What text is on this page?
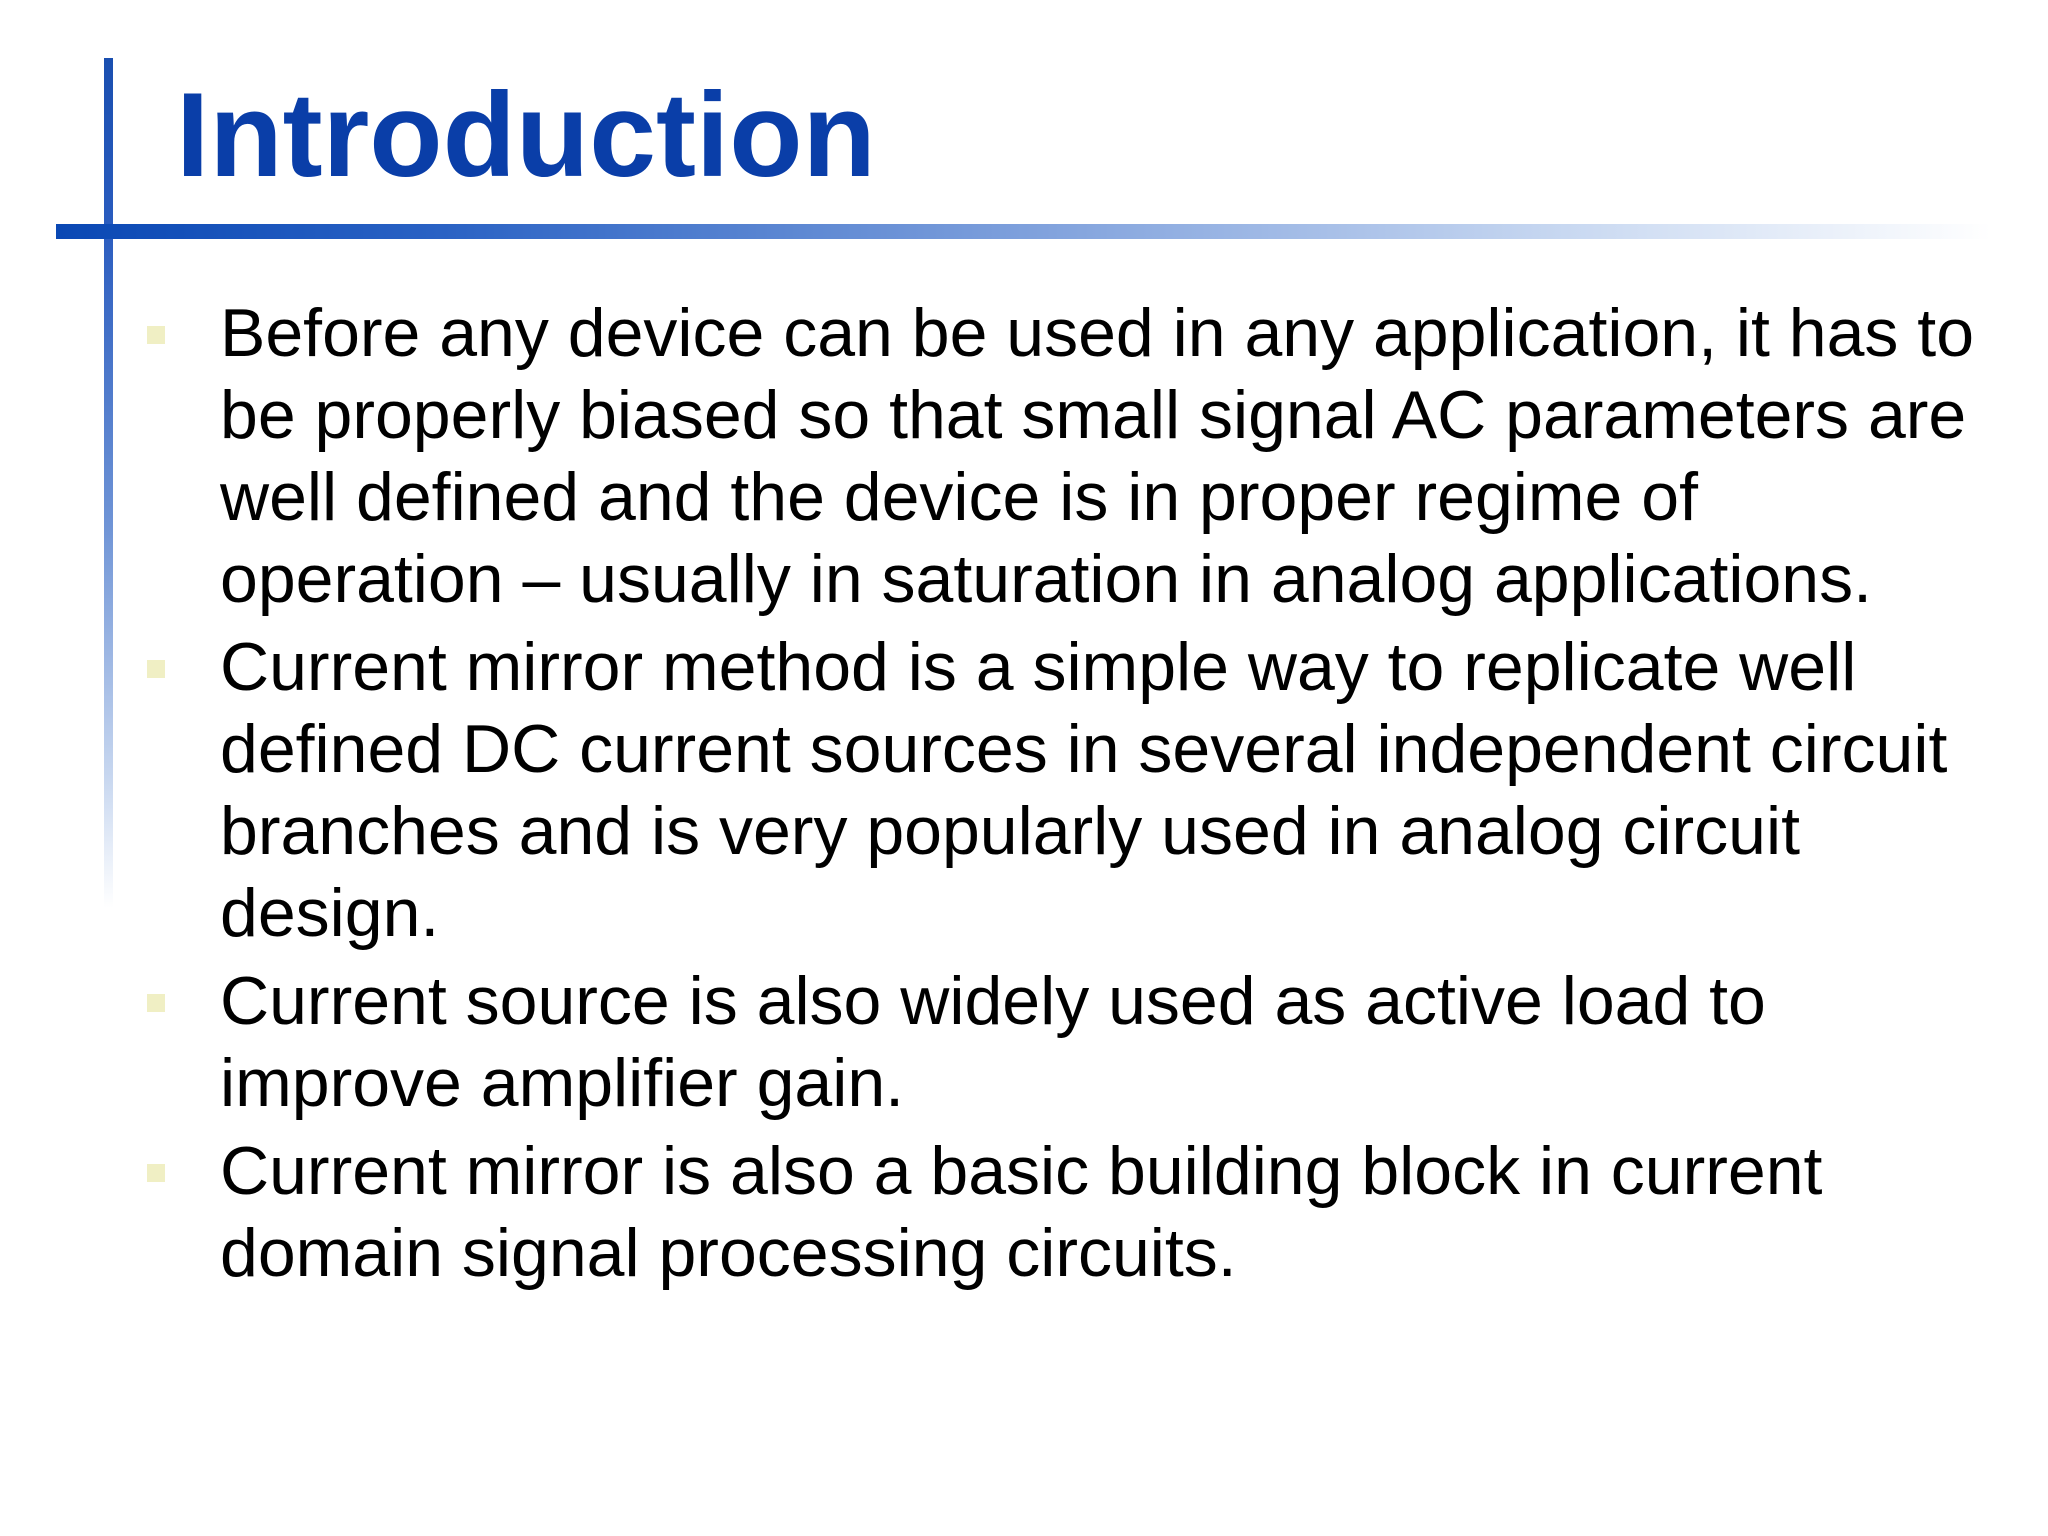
Introduction
Before any device can be used in any application, it has to be properly biased so that small signal AC parameters are well defined and the device is in proper regime of operation – usually in saturation in analog applications.
Current mirror method is a simple way to replicate well defined DC current sources in several independent circuit branches and is very popularly used in analog circuit design.
Current source is also widely used as active load to improve amplifier gain.
Current mirror is also a basic building block in current domain signal processing circuits.
